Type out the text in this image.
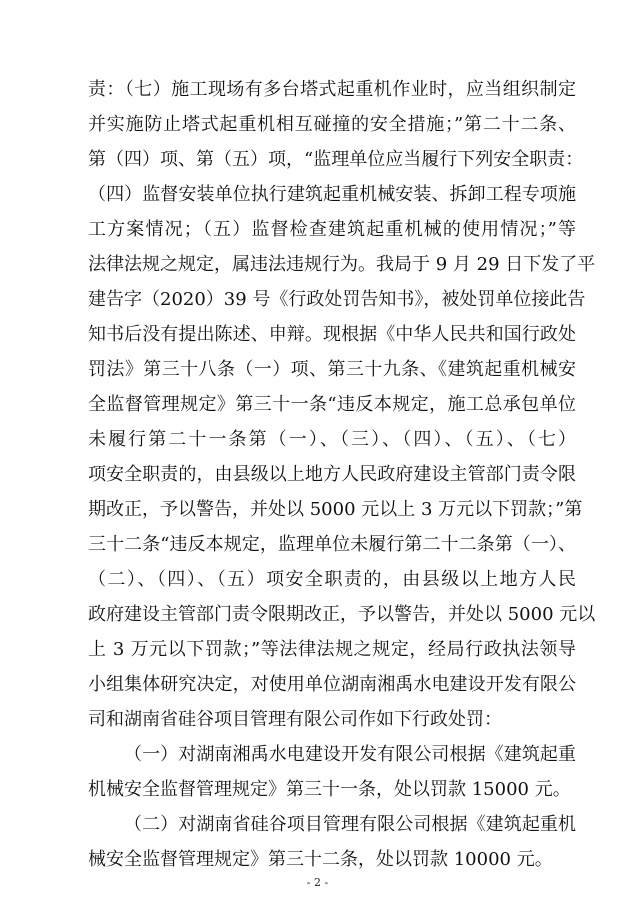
责：（七）施工现场有多台塔式起重机作业时，应当组织制定
并实施防止塔式起重机相互碰撞的安全措施；”第二十二条、
第（四）项、第（五）项，“监理单位应当履行下列安全职责：
（四）监督安装单位执行建筑起重机械安装、拆卸工程专项施
工方案情况；（五）监督检查建筑起重机械的使用情况；”等
法律法规之规定，属违法违规行为。我局于 9 月 29 日下发了平
建告字（2020）39 号《行政处罚告知书》，被处罚单位接此告
知书后没有提出陈述、申辩。现根据《中华人民共和国行政处
罚法》第三十八条（一）项、第三十九条、《建筑起重机械安
全监督管理规定》第三十一条“违反本规定，施工总承包单位
未履行第二十一条第（一）、（三）、（四）、（五）、（七）
项安全职责的，由县级以上地方人民政府建设主管部门责令限
期改正，予以警告，并处以 5000 元以上 3 万元以下罚款；”第
三十二条“违反本规定，监理单位未履行第二十二条第（一）、
（二）、（四）、（五）项安全职责的，由县级以上地方人民
政府建设主管部门责令限期改正，予以警告，并处以 5000 元以
上 3 万元以下罚款；”等法律法规之规定，经局行政执法领导
小组集体研究决定，对使用单位湖南湘禹水电建设开发有限公
司和湖南省硅谷项目管理有限公司作如下行政处罚：
（一）对湖南湘禹水电建设开发有限公司根据《建筑起重
机械安全监督管理规定》第三十一条，处以罚款 15000 元。
（二）对湖南省硅谷项目管理有限公司根据《建筑起重机
械安全监督管理规定》第三十二条，处以罚款 10000 元。
- 2 -
